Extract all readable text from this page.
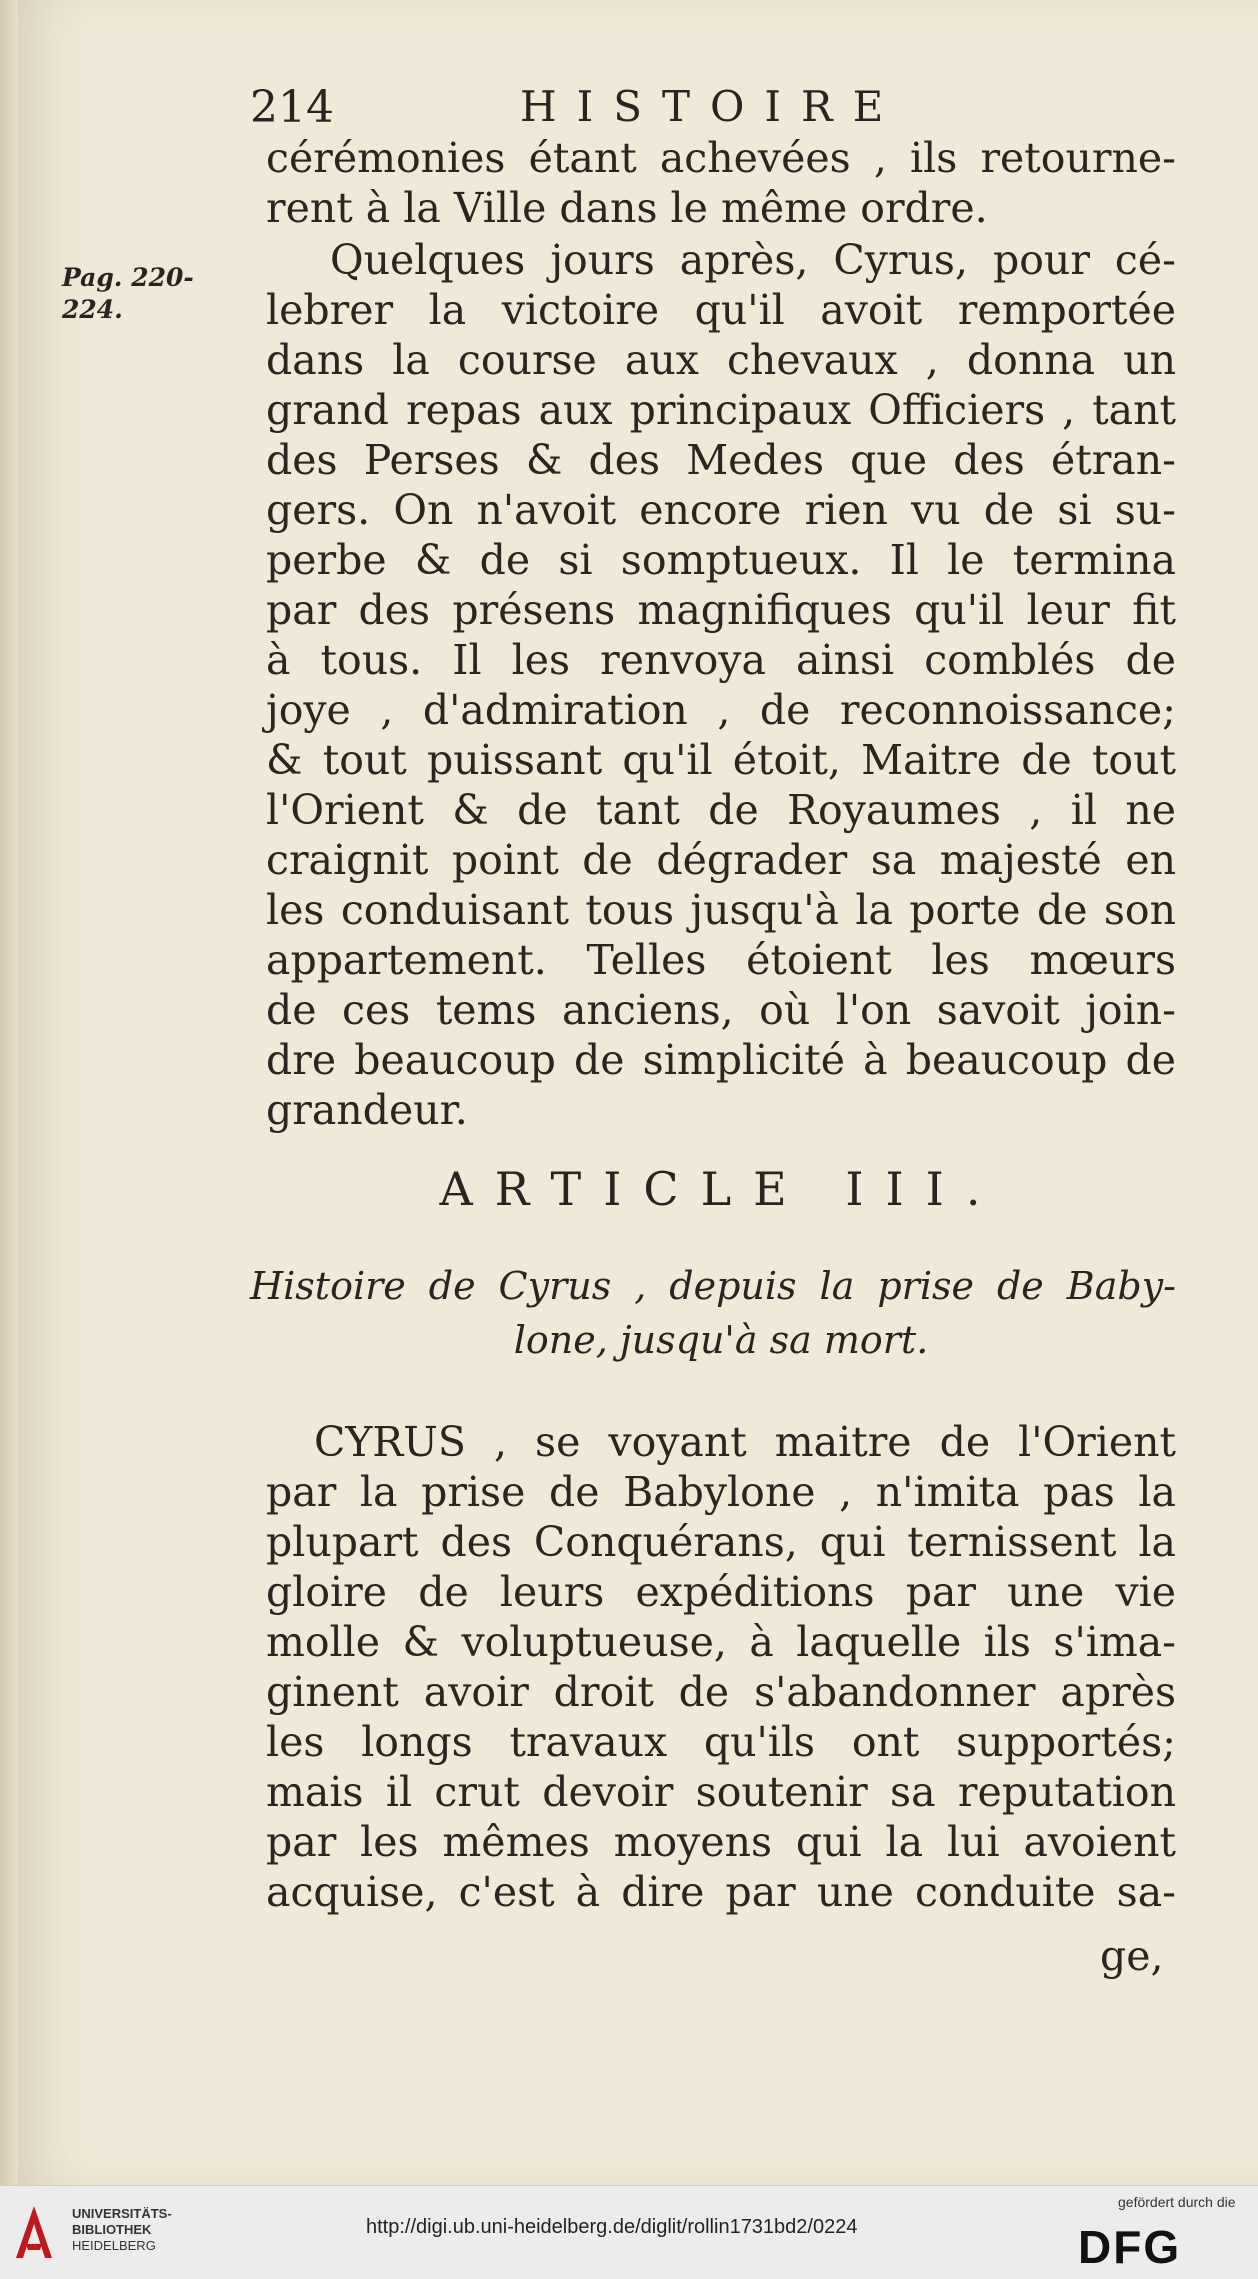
214	HISTOIRE
Pag. 220-
224.
cérémonies étant achevées , ils retourne-
rent à la Ville dans le même ordre.
Quelques jours après, Cyrus, pour cé-
lebrer la victoire qu'il avoit remportée
dans la course aux chevaux , donna un
grand repas aux principaux Officiers , tant
des Perses & des Medes que des étran-
gers. On n'avoit encore rien vu de si su-
perbe & de si somptueux. Il le termina
par des présens magnifiques qu'il leur fit
à tous. Il les renvoya ainsi comblés de
joye , d'admiration , de reconnoissance;
& tout puissant qu'il étoit, Maitre de tout
l'Orient & de tant de Royaumes , il ne
craignit point de dégrader sa majesté en
les conduisant tous jusqu'à la porte de son
appartement. Telles étoient les mœurs
de ces tems anciens, où l'on savoit join-
dre beaucoup de simplicité à beaucoup de
grandeur.
ARTICLE III.
Histoire de Cyrus , depuis la prise de Baby-
lone, jusqu'à sa mort.
CYRUS , se voyant maitre de l'Orient
par la prise de Babylone , n'imita pas la
plupart des Conquérans, qui ternissent la
gloire de leurs expéditions par une vie
molle & voluptueuse, à laquelle ils s'ima-
ginent avoir droit de s'abandonner après
les longs travaux qu'ils ont supportés;
mais il crut devoir soutenir sa reputation
par les mêmes moyens qui la lui avoient
acquise, c'est à dire par une conduite sa-
ge,
UNIVERSITÄTS-
BIBLIOTHEK
HEIDELBERG
http://digi.ub.uni-heidelberg.de/diglit/rollin1731bd2/0224
gefördert durch die
DFG
